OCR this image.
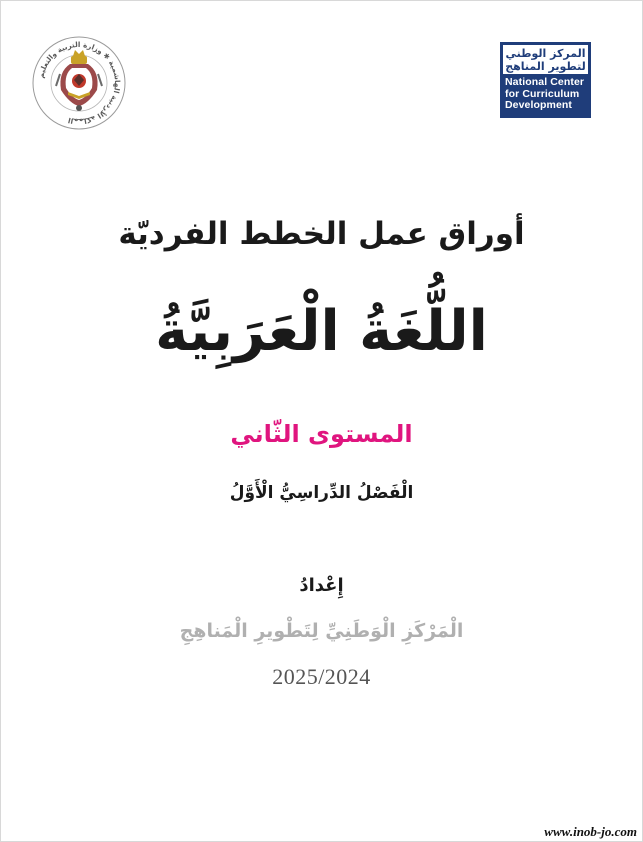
المملكة الأردنية الهاشمية ✱ وزارة التربية والتعليم
المركز الوطني
لتطوير المناهج
National Center
for Curriculum
Development
أوراق عمل الخطط الفرديّة
اللُّغَةُ الْعَرَبِيَّةُ
المستوى الثّاني
الْفَصْلُ الدِّراسِيُّ الْأَوَّلُ
إِعْدادُ
الْمَرْكَزِ الْوَطَنِيِّ لِتَطْويرِ الْمَناهِجِ
2025/2024
www.inob-jo.com
